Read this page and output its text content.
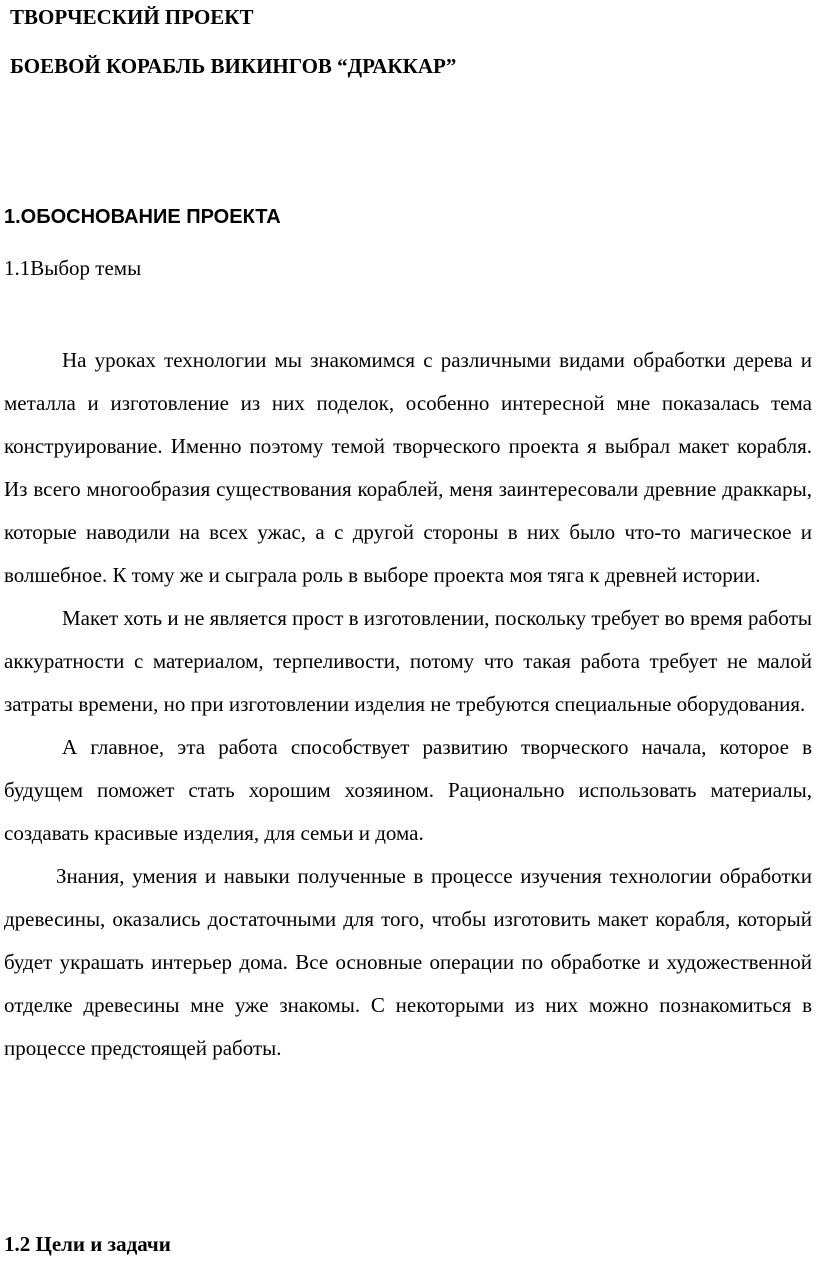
ТВОРЧЕСКИЙ ПРОЕКТ
БОЕВОЙ КОРАБЛЬ ВИКИНГОВ “ДРАККАР”
1.ОБОСНОВАНИЕ ПРОЕКТА
1.1Выбор темы

На уроках технологии мы знакомимся с различными видами обработки дерева и металла и изготовление из них поделок, особенно интересной мне показалась тема конструирование. Именно поэтому темой творческого проекта я выбрал макет корабля. Из всего многообразия существования кораблей, меня заинтересовали древние драккары, которые наводили на всех ужас, а с другой стороны в них было что-то магическое и волшебное. К тому же и сыграла роль в выборе проекта моя тяга к древней истории.

Макет хоть и не является прост в изготовлении, поскольку требует во время работы аккуратности с материалом, терпеливости, потому что такая работа требует не малой затраты времени, но при изготовлении изделия не требуются специальные оборудования.

А главное, эта работа способствует развитию творческого начала, которое в будущем поможет стать хорошим хозяином. Рационально использовать материалы, создавать красивые изделия, для семьи и дома.

Знания, умения и навыки полученные в процессе изучения технологии обработки древесины, оказались достаточными для того, чтобы изготовить макет корабля, который будет украшать интерьер дома. Все основные операции по обработке и художественной отделке древесины мне уже знакомы. С некоторыми из них можно познакомиться в процессе предстоящей работы.

1.2 Цели и задачи
